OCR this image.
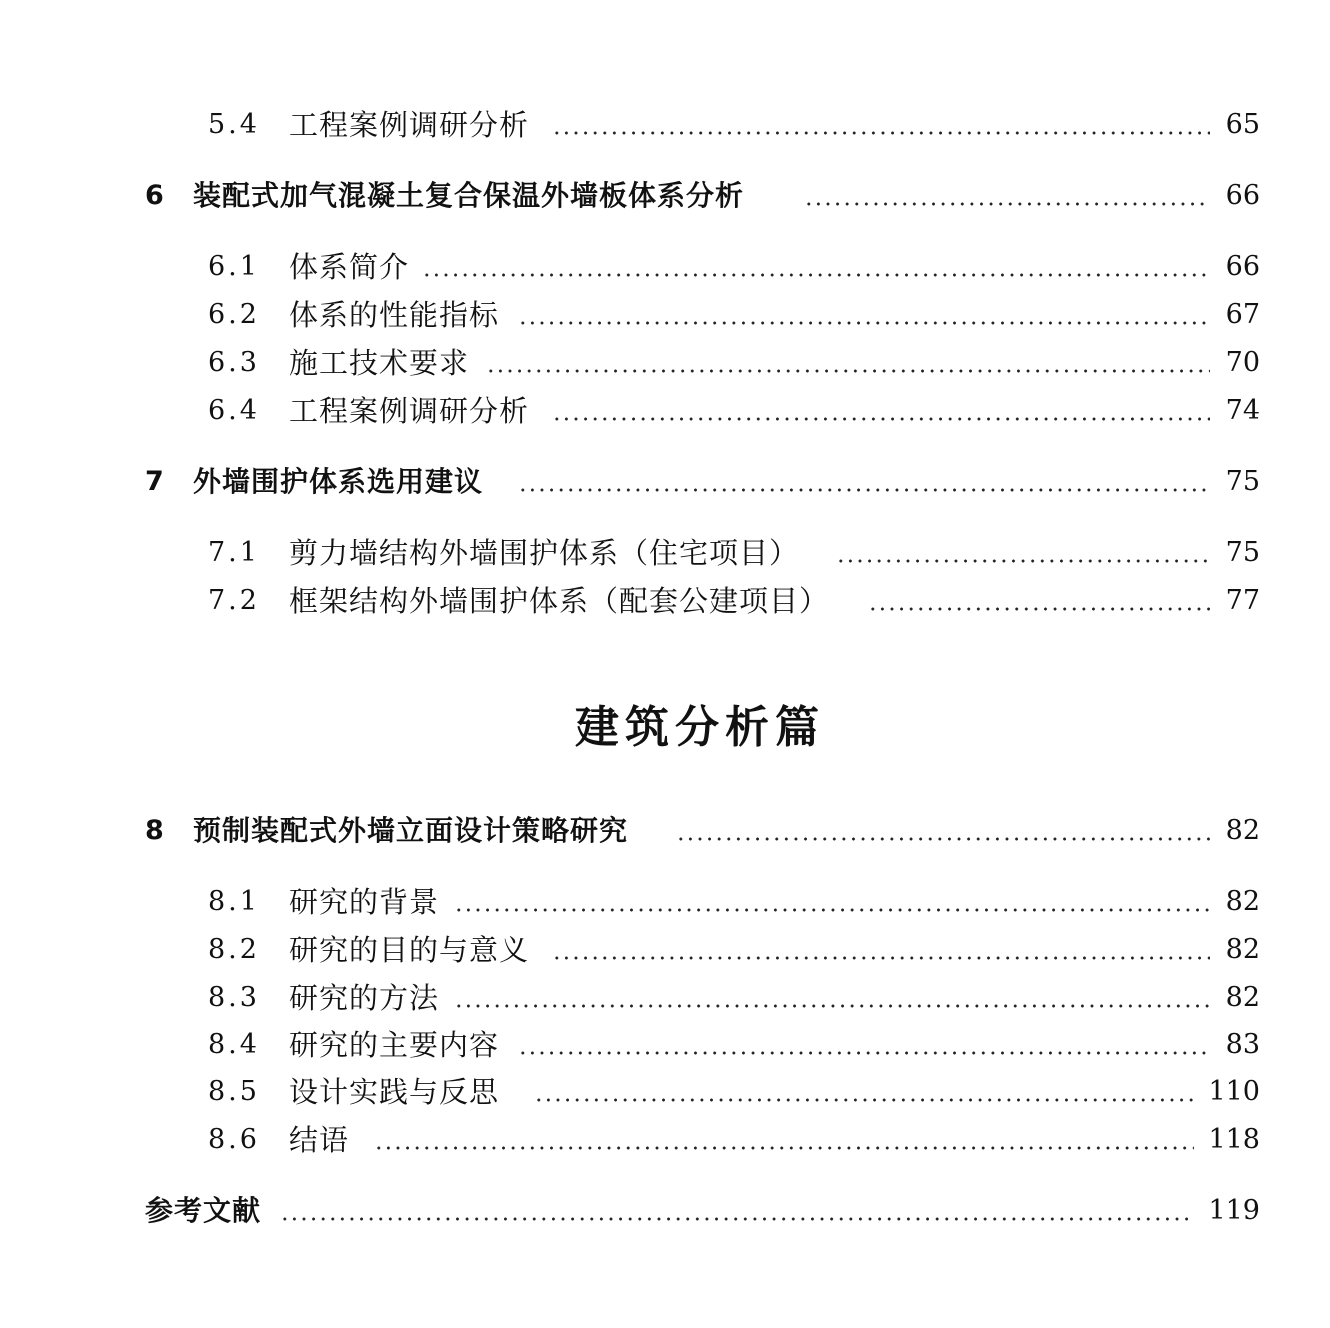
5.4 工程案例调研分析	65
6 装配式加气混凝土复合保温外墙板体系分析	66
6.1 体系简介	66
6.2 体系的性能指标	67
6.3 施工技术要求	70
6.4 工程案例调研分析	74
7 外墙围护体系选用建议	75
7.1 剪力墙结构外墙围护体系（住宅项目）	75
7.2 框架结构外墙围护体系（配套公建项目）	77
建筑分析篇
8 预制装配式外墙立面设计策略研究	82
8.1 研究的背景	82
8.2 研究的目的与意义	82
8.3 研究的方法	82
8.4 研究的主要内容	83
8.5 设计实践与反思	110
8.6 结语	118
参考文献	119
